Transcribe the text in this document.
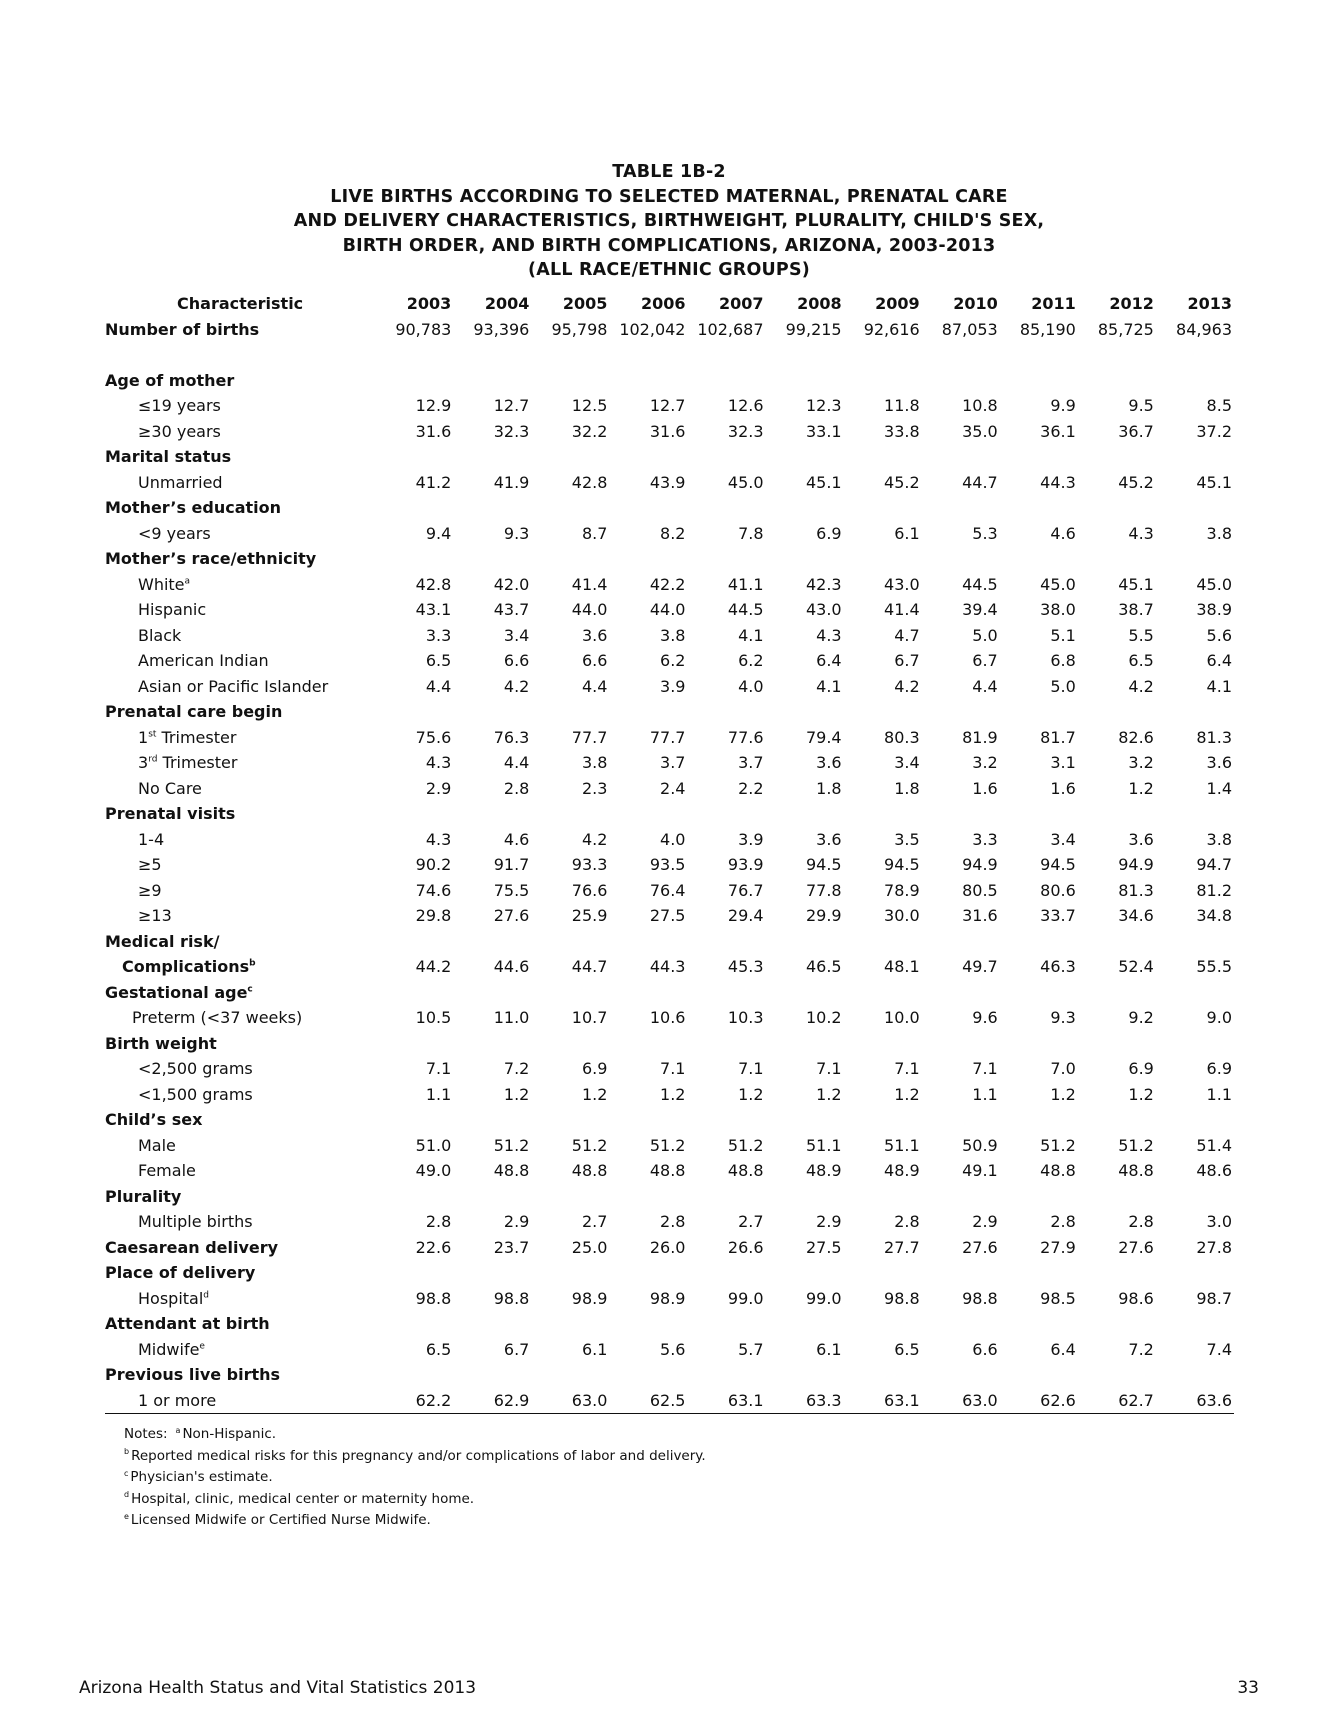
TABLE 1B-2
LIVE BIRTHS ACCORDING TO SELECTED MATERNAL, PRENATAL CARE
AND DELIVERY CHARACTERISTICS, BIRTHWEIGHT, PLURALITY, CHILD'S SEX,
BIRTH ORDER, AND BIRTH COMPLICATIONS, ARIZONA, 2003-2013
(ALL RACE/ETHNIC GROUPS)
Characteristic	2003	2004	2005	2006	2007	2008	2009	2010	2011	2012	2013
Number of births	90,783	93,396	95,798	102,042	102,687	99,215	92,616	87,053	85,190	85,725	84,963

Age of mother											
≤19 years	12.9	12.7	12.5	12.7	12.6	12.3	11.8	10.8	9.9	9.5	8.5
≥30 years	31.6	32.3	32.2	31.6	32.3	33.1	33.8	35.0	36.1	36.7	37.2
Marital status											
Unmarried	41.2	41.9	42.8	43.9	45.0	45.1	45.2	44.7	44.3	45.2	45.1
Mother’s education											
<9 years	9.4	9.3	8.7	8.2	7.8	6.9	6.1	5.3	4.6	4.3	3.8
Mother’s race/ethnicity											
White$^a$	42.8	42.0	41.4	42.2	41.1	42.3	43.0	44.5	45.0	45.1	45.0
Hispanic	43.1	43.7	44.0	44.0	44.5	43.0	41.4	39.4	38.0	38.7	38.9
Black	3.3	3.4	3.6	3.8	4.1	4.3	4.7	5.0	5.1	5.5	5.6
American Indian	6.5	6.6	6.6	6.2	6.2	6.4	6.7	6.7	6.8	6.5	6.4
Asian or Pacific Islander	4.4	4.2	4.4	3.9	4.0	4.1	4.2	4.4	5.0	4.2	4.1
Prenatal care begin											
1st Trimester	75.6	76.3	77.7	77.7	77.6	79.4	80.3	81.9	81.7	82.6	81.3
3rd Trimester	4.3	4.4	3.8	3.7	3.7	3.6	3.4	3.2	3.1	3.2	3.6
No Care	2.9	2.8	2.3	2.4	2.2	1.8	1.8	1.6	1.6	1.2	1.4
Prenatal visits											
1-4	4.3	4.6	4.2	4.0	3.9	3.6	3.5	3.3	3.4	3.6	3.8
≥5	90.2	91.7	93.3	93.5	93.9	94.5	94.5	94.9	94.5	94.9	94.7
≥9	74.6	75.5	76.6	76.4	76.7	77.8	78.9	80.5	80.6	81.3	81.2
≥13	29.8	27.6	25.9	27.5	29.4	29.9	30.0	31.6	33.7	34.6	34.8
Medical risk/											
Complications$^b$	44.2	44.6	44.7	44.3	45.3	46.5	48.1	49.7	46.3	52.4	55.5
Gestational age$^c$											
Preterm (<37 weeks)	10.5	11.0	10.7	10.6	10.3	10.2	10.0	9.6	9.3	9.2	9.0
Birth weight											
<2,500 grams	7.1	7.2	6.9	7.1	7.1	7.1	7.1	7.1	7.0	6.9	6.9
<1,500 grams	1.1	1.2	1.2	1.2	1.2	1.2	1.2	1.1	1.2	1.2	1.1
Child’s sex											
Male	51.0	51.2	51.2	51.2	51.2	51.1	51.1	50.9	51.2	51.2	51.4
Female	49.0	48.8	48.8	48.8	48.8	48.9	48.9	49.1	48.8	48.8	48.6
Plurality											
Multiple births	2.8	2.9	2.7	2.8	2.7	2.9	2.8	2.9	2.8	2.8	3.0
Caesarean delivery	22.6	23.7	25.0	26.0	26.6	27.5	27.7	27.6	27.9	27.6	27.8
Place of delivery											
Hospital$^d$	98.8	98.8	98.9	98.9	99.0	99.0	98.8	98.8	98.5	98.6	98.7
Attendant at birth											
Midwife$^e$	6.5	6.7	6.1	5.6	5.7	6.1	6.5	6.6	6.4	7.2	7.4
Previous live births											
1 or more	62.2	62.9	63.0	62.5	63.1	63.3	63.1	63.0	62.6	62.7	63.6
Notes: $^a$ Non-Hispanic.
$^b$ Reported medical risks for this pregnancy and/or complications of labor and delivery.
$^c$ Physician's estimate.
$^d$ Hospital, clinic, medical center or maternity home.
$^e$ Licensed Midwife or Certified Nurse Midwife.
Arizona Health Status and Vital Statistics 2013	33
